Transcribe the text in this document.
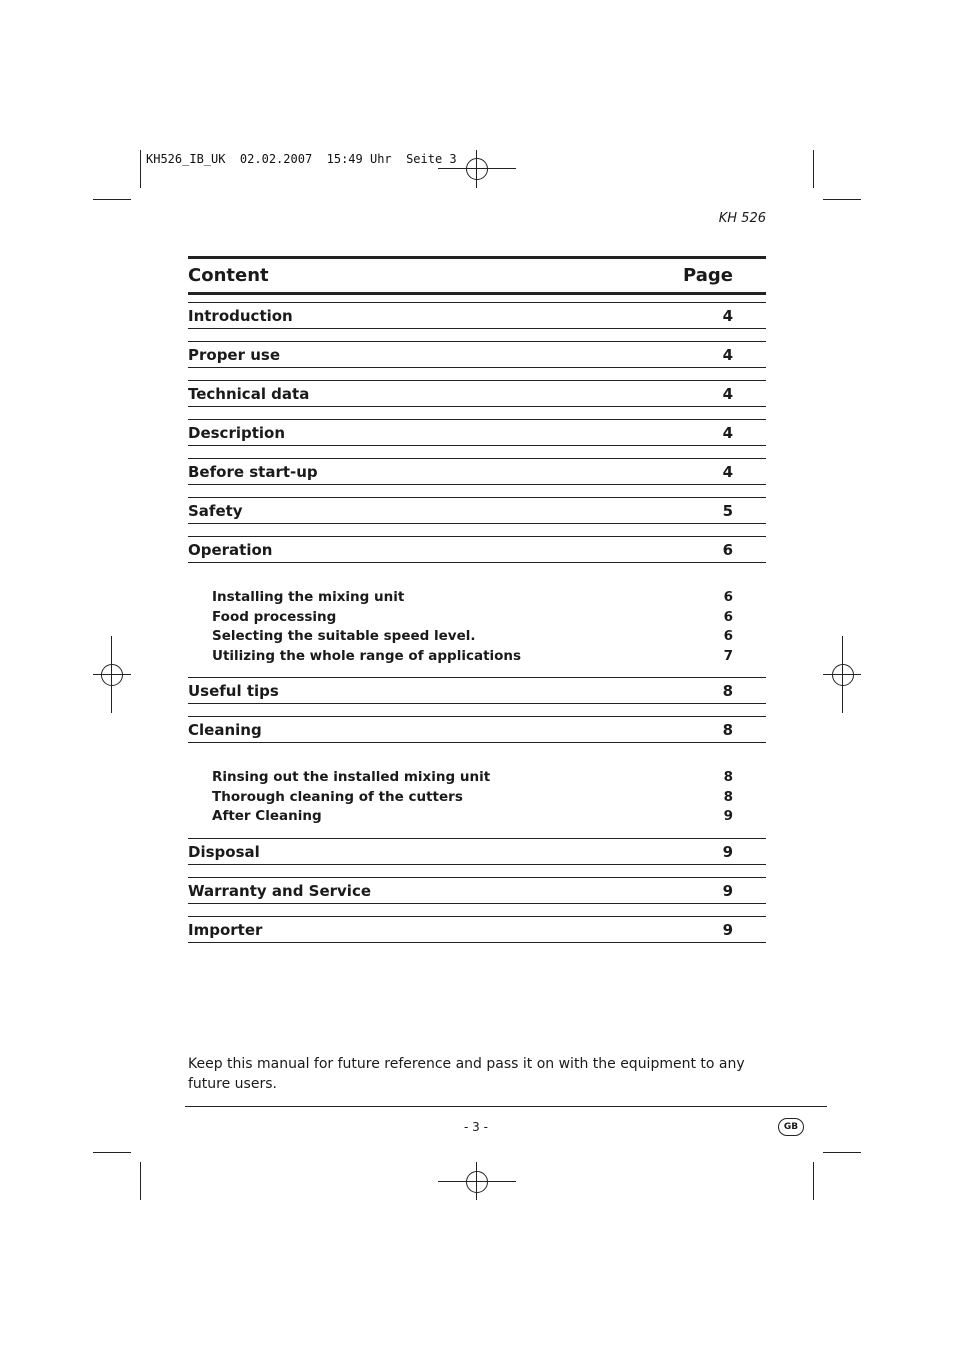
KH526_IB_UK  02.02.2007  15:49 Uhr  Seite 3
KH 526
Content	Page
Introduction	4
Proper use	4
Technical data	4
Description	4
Before start-up	4
Safety	5
Operation	6
Installing the mixing unit	6
Food processing	6
Selecting the suitable speed level.	6
Utilizing the whole range of applications	7
Useful tips	8
Cleaning	8
Rinsing out the installed mixing unit	8
Thorough cleaning of the cutters	8
After Cleaning	9
Disposal	9
Warranty and Service	9
Importer	9
Keep this manual for future reference and pass it on with the equipment to any future users.
- 3 -	GB
